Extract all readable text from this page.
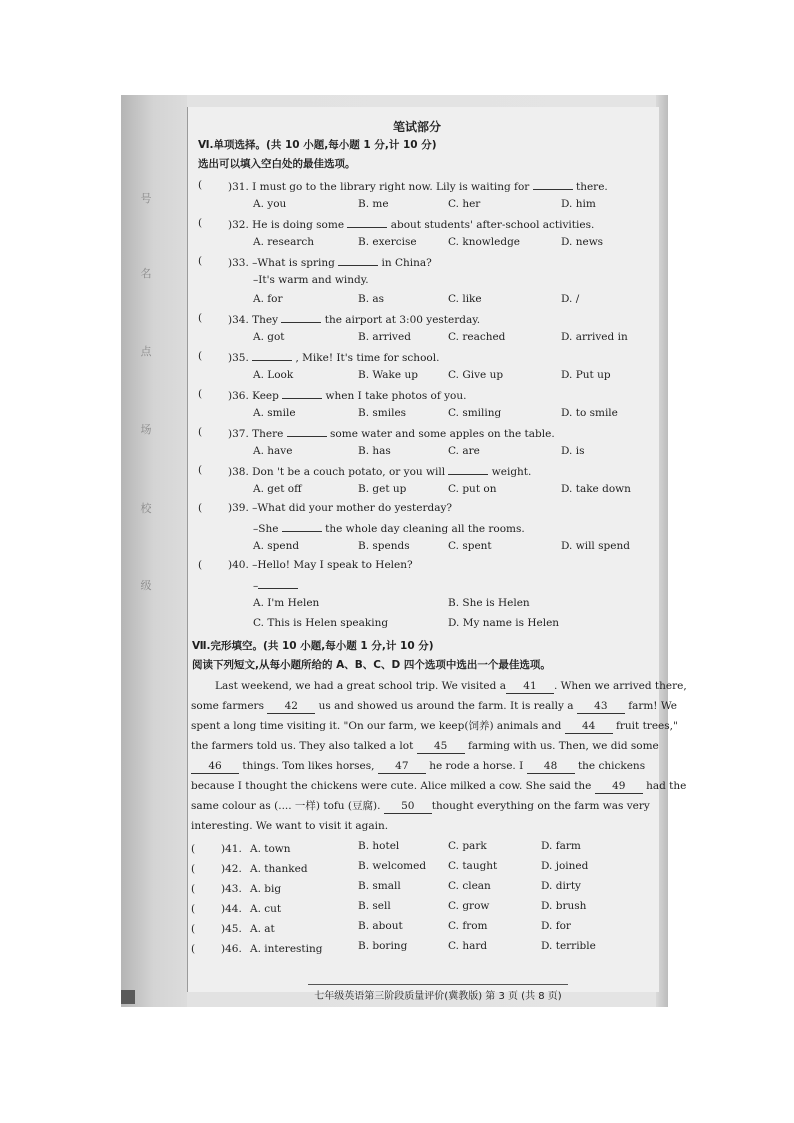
号
名
点
场
校
级
笔试部分
Ⅵ.单项选择。(共 10 小题,每小题 1 分,计 10 分)
选出可以填入空白处的最佳选项。
( )31. I must go to the library right now. Lily is waiting for	there.
A. you	B. me	C. her	D. him
( )32. He is doing some	about students' after-school activities.
A. research	B. exercise	C. knowledge	D. news
( )33. –What is spring	in China?
–It's warm and windy.
A. for	B. as	C. like	D. /
( )34. They	the airport at 3:00 yesterday.
A. got	B. arrived	C. reached	D. arrived in
( )35.	, Mike! It's time for school.
A. Look	B. Wake up	C. Give up	D. Put up
( )36. Keep	when I take photos of you.
A. smile	B. smiles	C. smiling	D. to smile
( )37. There	some water and some apples on the table.
A. have	B. has	C. are	D. is
( )38. Don 't be a couch potato, or you will	weight.
A. get off	B. get up	C. put on	D. take down
( )39. –What did your mother do yesterday?
–She	the whole day cleaning all the rooms.
A. spend	B. spends	C. spent	D. will spend
( )40. –Hello! May I speak to Helen?
–
A. I'm Helen	B. She is Helen
C. This is Helen speaking	D. My name is Helen
Ⅶ.完形填空。(共 10 小题,每小题 1 分,计 10 分)
阅读下列短文,从每小题所给的 A、B、C、D 四个选项中选出一个最佳选项。
Last weekend, we had a great school trip. We visited a 41 . When we arrived there,
some farmers 42 us and showed us around the farm. It is really a 43 farm! We
spent a long time visiting it. "On our farm, we keep(饲养) animals and 44 fruit trees,"
the farmers told us. They also talked a lot 45 farming with us. Then, we did some
46 things. Tom likes horses, 47 he rode a horse. I 48 the chickens
because I thought the chickens were cute. Alice milked a cow. She said the 49 had the
same colour as (.... 一样) tofu (豆腐). 50 thought everything on the farm was very
interesting. We want to visit it again.
( )41. A. town	B. hotel	C. park	D. farm
( )42. A. thanked	B. welcomed C. taught	D. joined
( )43. A. big	B. small	C. clean	D. dirty
( )44. A. cut	B. sell	C. grow	D. brush
( )45. A. at	B. about	C. from	D. for
( )46. A. interesting	B. boring	C. hard	D. terrible
七年级英语第三阶段质量评价(冀教版) 第 3 页 (共 8 页)
